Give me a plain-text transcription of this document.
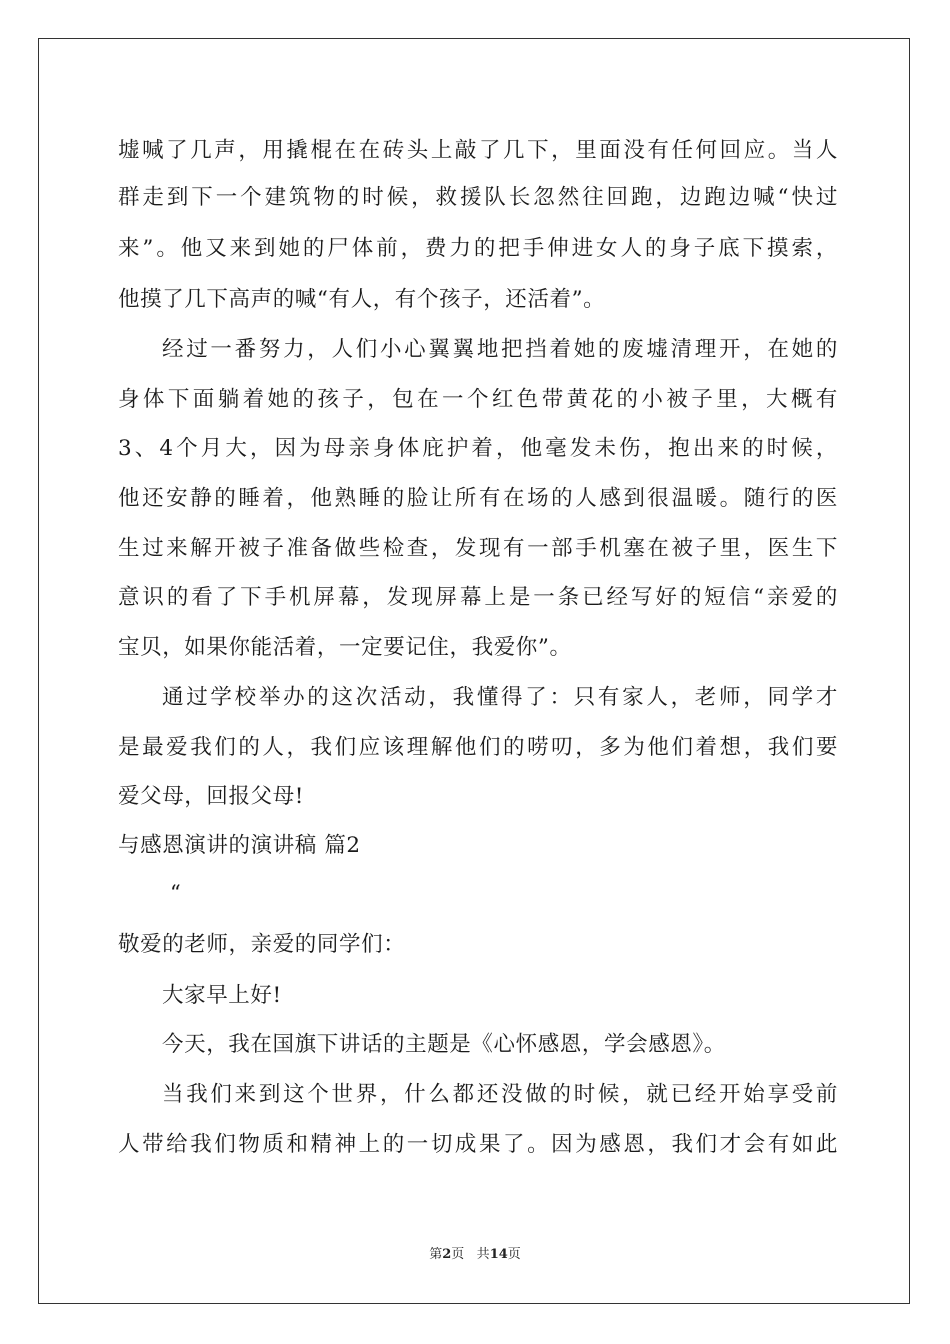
墟喊了几声，用撬棍在在砖头上敲了几下，里面没有任何回应。当人
群走到下一个建筑物的时候，救援队长忽然往回跑，边跑边喊“快过
来”。他又来到她的尸体前，费力的把手伸进女人的身子底下摸索，
他摸了几下高声的喊“有人，有个孩子，还活着”。
经过一番努力，人们小心翼翼地把挡着她的废墟清理开，在她的
身体下面躺着她的孩子，包在一个红色带黄花的小被子里，大概有
3、4个月大，因为母亲身体庇护着，他毫发未伤，抱出来的时候，
他还安静的睡着，他熟睡的脸让所有在场的人感到很温暖。随行的医
生过来解开被子准备做些检查，发现有一部手机塞在被子里，医生下
意识的看了下手机屏幕，发现屏幕上是一条已经写好的短信“亲爱的
宝贝，如果你能活着，一定要记住，我爱你”。
通过学校举办的这次活动，我懂得了：只有家人，老师，同学才
是最爱我们的人，我们应该理解他们的唠叨，多为他们着想，我们要
爱父母，回报父母!
与感恩演讲的演讲稿 篇2
“
敬爱的老师，亲爱的同学们：
大家早上好!
今天，我在国旗下讲话的主题是《心怀感恩，学会感恩》。
当我们来到这个世界，什么都还没做的时候，就已经开始享受前
人带给我们物质和精神上的一切成果了。因为感恩，我们才会有如此
第2页 共14页
